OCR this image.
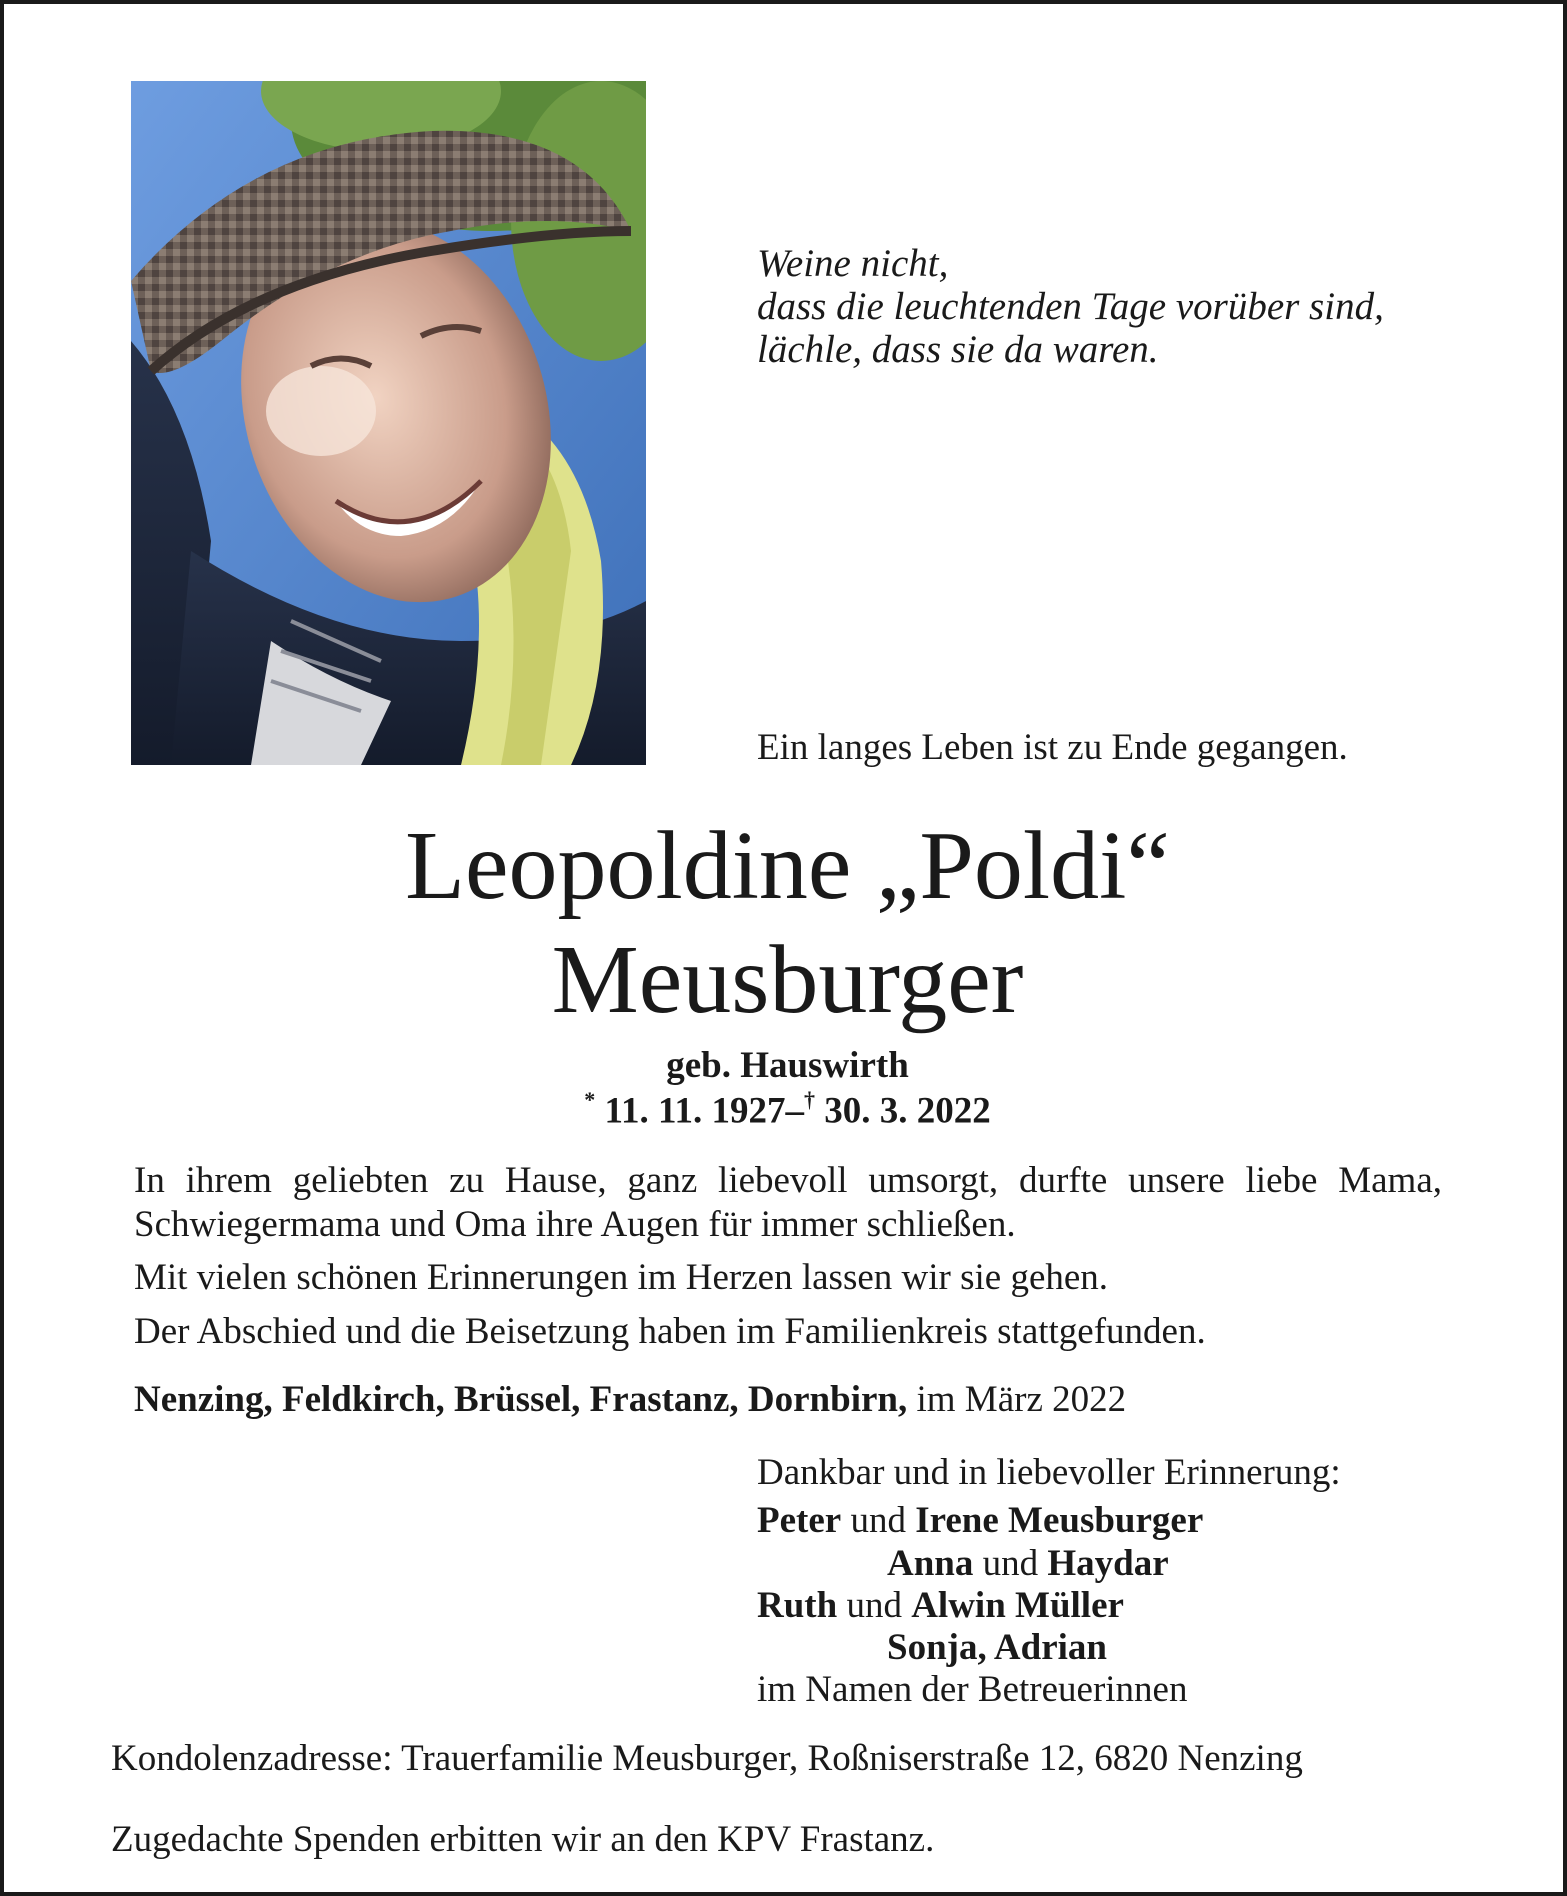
Weine nicht,
dass die leuchtenden Tage vorüber sind,
lächle, dass sie da waren.
Ein langes Leben ist zu Ende gegangen.
Leopoldine „Poldi“
Meusburger
geb. Hauswirth
* 11. 11. 1927–† 30. 3. 2022
In ihrem geliebten zu Hause, ganz liebevoll umsorgt, durfte unsere liebe Mama, Schwiegermama und Oma ihre Augen für immer schließen.
Mit vielen schönen Erinnerungen im Herzen lassen wir sie gehen.
Der Abschied und die Beisetzung haben im Familienkreis stattgefunden.
Nenzing, Feldkirch, Brüssel, Frastanz, Dornbirn, im März 2022
Dankbar und in liebevoller Erinnerung:
Peter und Irene Meusburger
Anna und Haydar
Ruth und Alwin Müller
Sonja, Adrian
im Namen der Betreuerinnen
Kondolenzadresse: Trauerfamilie Meusburger, Roßniserstraße 12, 6820 Nenzing
Zugedachte Spenden erbitten wir an den KPV Frastanz.
